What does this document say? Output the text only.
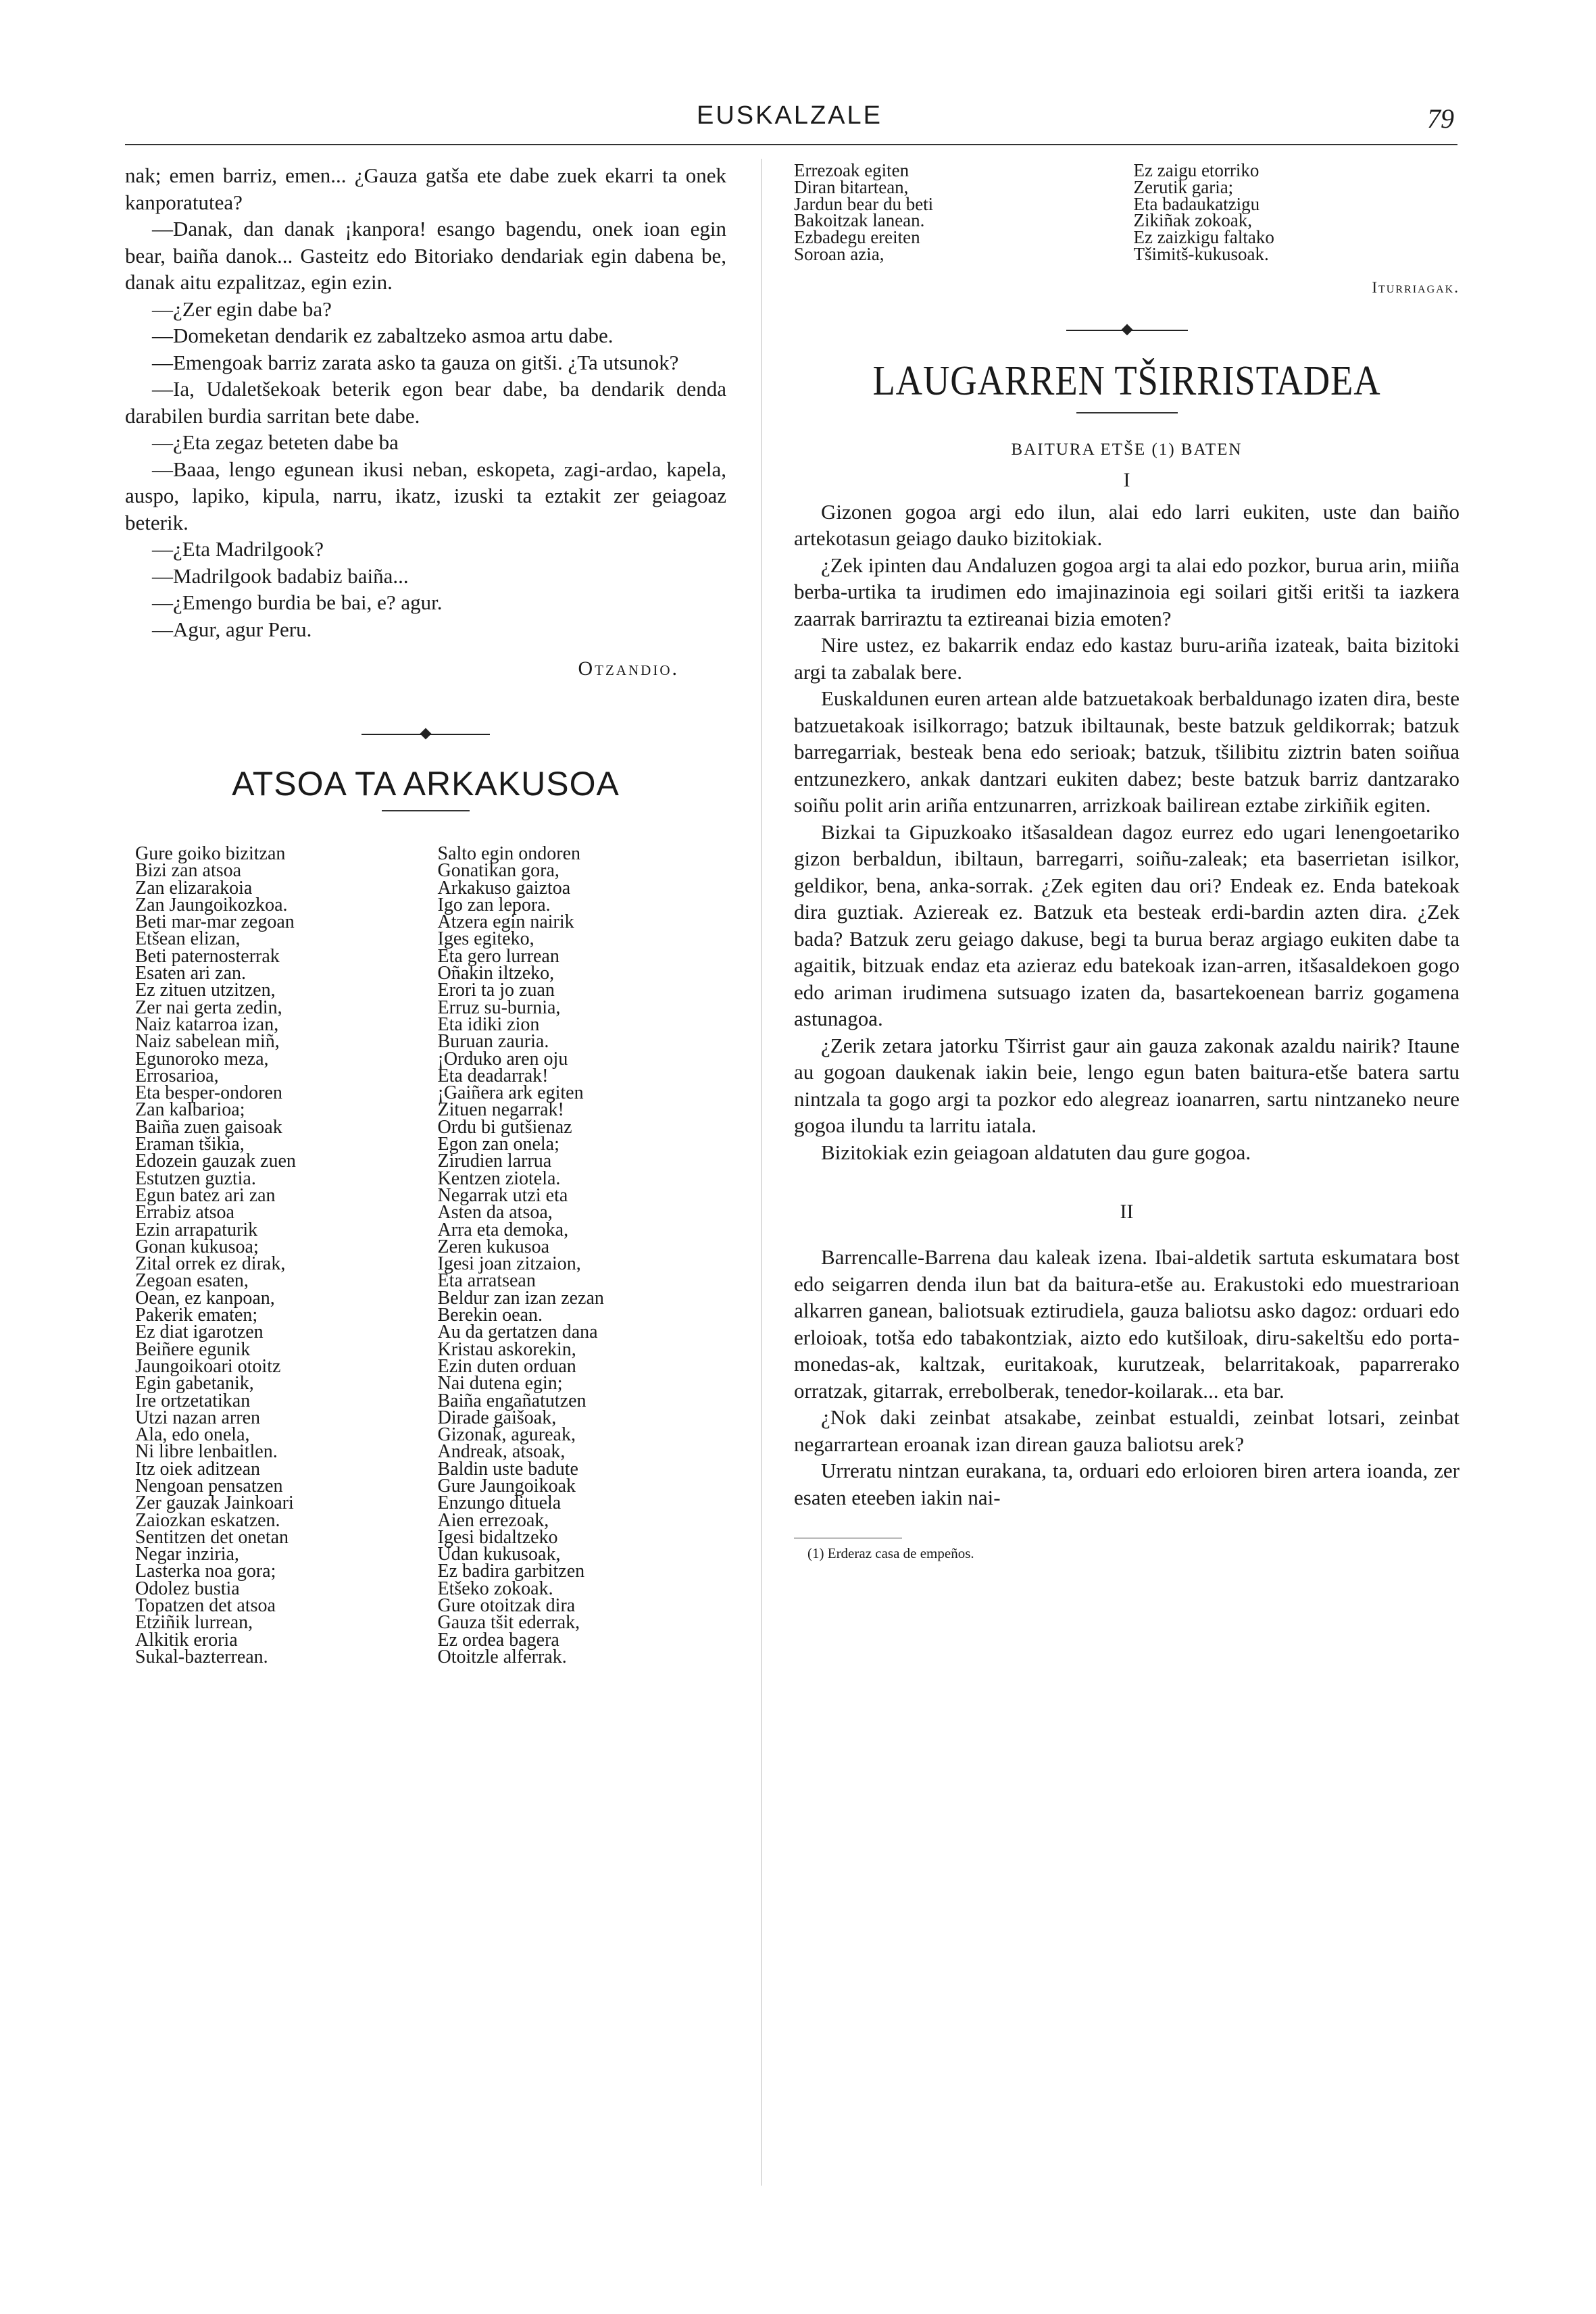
EUSKALZALE	79

nak; emen barriz, emen... ¿Gauza gatša ete dabe zuek ekarri ta onek kanporatutea?

—Danak, dan danak ¡kanpora! esango bagendu, onek ioan egin bear, baiña danok... Gasteitz edo Bitoriako dendariak egin dabena be, danak aitu ezpalitzaz, egin ezin.

—¿Zer egin dabe ba?

—Domeketan dendarik ez zabaltzeko asmoa artu dabe.

—Emengoak barriz zarata asko ta gauza on gitši. ¿Ta utsunok?

—Ia, Udaletšekoak beterik egon bear dabe, ba dendarik denda darabilen burdia sarritan bete dabe.

—¿Eta zegaz beteten dabe ba

—Baaa, lengo egunean ikusi neban, eskopeta, zagi-ardao, kapela, auspo, lapiko, kipula, narru, ikatz, izuski ta eztakit zer geiagoaz beterik.

—¿Eta Madrilgook?

—Madrilgook badabiz baiña...

—¿Emengo burdia be bai, e? agur.

—Agur, agur Peru.

Otzandio.
ATSOA TA ARKAKUSOA
Gure goiko bizitzan
Bizi zan atsoa
Zan elizarakoia
Zan Jaungoikozkoa.
Beti mar-mar zegoan
Etšean elizan,
Beti paternosterrak
Esaten ari zan.
Ez zituen utzitzen,
Zer nai gerta zedin,
Naiz katarroa izan,
Naiz sabelean miñ,
Egunoroko meza,
Errosarioa,
Eta besper-ondoren
Zan kalbarioa;
Baiña zuen gaisoak
Eraman tšikia,
Edozein gauzak zuen
Estutzen guztia.
Egun batez ari zan
Errabiz atsoa
Ezin arrapaturik
Gonan kukusoa;
Zital orrek ez dirak,
Zegoan esaten,
Oean, ez kanpoan,
Pakerik ematen;
Ez diat igarotzen
Beiñere egunik
Jaungoikoari otoitz
Egin gabetanik,
Ire ortzetatikan
Utzi nazan arren
Ala, edo onela,
Ni libre lenbaitlen.
Itz oiek aditzean
Nengoan pensatzen
Zer gauzak Jainkoari
Zaiozkan eskatzen.
Sentitzen det onetan
Negar inziria,
Lasterka noa gora;
Odolez bustia
Topatzen det atsoa
Etziñik lurrean,
Alkitik eroria
Sukal-bazterrean.
Salto egin ondoren
Gonatikan gora,
Arkakuso gaiztoa
Igo zan lepora.
Atzera egin nairik
Iges egiteko,
Eta gero lurrean
Oñakin iltzeko,
Erori ta jo zuan
Erruz su-burnia,
Eta idiki zion
Buruan zauria.
¡Orduko aren oju
Eta deadarrak!
¡Gaiñera ark egiten
Zituen negarrak!
Ordu bi gutšienaz
Egon zan onela;
Zirudien larrua
Kentzen ziotela.
Negarrak utzi eta
Asten da atsoa,
Arra eta demoka,
Zeren kukusoa
Igesi joan zitzaion,
Eta arratsean
Beldur zan izan zezan
Berekin oean.
Au da gertatzen dana
Kristau askorekin,
Ezin duten orduan
Nai dutena egin;
Baiña engañatutzen
Dirade gaišoak,
Gizonak, agureak,
Andreak, atsoak,
Baldin uste badute
Gure Jaungoikoak
Enzungo dituela
Aien errezoak,
Igesi bidaltzeko
Udan kukusoak,
Ez badira garbitzen
Etšeko zokoak.
Gure otoitzak dira
Gauza tšit ederrak,
Ez ordea bagera
Otoitzle alferrak.
Errezoak egiten
Diran bitartean,
Jardun bear du beti
Bakoitzak lanean.
Ezbadegu ereiten
Soroan azia,
Ez zaigu etorriko
Zerutik garia;
Eta badaukatzigu
Zikiñak zokoak,
Ez zaizkigu faltako
Tšimitš-kukusoak.
Iturriagak.
LAUGARREN TŠIRRISTADEA
BAITURA ETŠE (1) BATEN
I

Gizonen gogoa argi edo ilun, alai edo larri eukiten, uste dan baiño artekotasun geiago dauko bizitokiak.

¿Zek ipinten dau Andaluzen gogoa argi ta alai edo pozkor, burua arin, miiña berba-urtika ta irudimen edo imajinazinoia egi soilari gitši eritši ta iazkera zaarrak barriraztu ta eztireanai bizia emoten?

Nire ustez, ez bakarrik endaz edo kastaz buru-ariña izateak, baita bizitoki argi ta zabalak bere.

Euskaldunen euren artean alde batzuetakoak berbaldunago izaten dira, beste batzuetakoak isilkorrago; batzuk ibiltaunak, beste batzuk geldikorrak; batzuk barregarriak, besteak bena edo serioak; batzuk, tšilibitu ziztrin baten soiñua entzunezkero, ankak dantzari eukiten dabez; beste batzuk barriz dantzarako soiñu polit arin ariña entzunarren, arrizkoak bailirean eztabe zirkiñik egiten.

Bizkai ta Gipuzkoako itšasaldean dagoz eurrez edo ugari lenengoetariko gizon berbaldun, ibiltaun, barregarri, soiñu-zaleak; eta baserrietan isilkor, geldikor, bena, anka-sorrak. ¿Zek egiten dau ori? Endeak ez. Enda batekoak dira guztiak. Aziereak ez. Batzuk eta besteak erdi-bardin azten dira. ¿Zek bada? Batzuk zeru geiago dakuse, begi ta burua beraz argiago eukiten dabe ta agaitik, bitzuak endaz eta azieraz edu batekoak izan-arren, itšasaldekoen gogo edo ariman irudimena sutsuago izaten da, basartekoenean barriz gogamena astunagoa.

¿Zerik zetara jatorku Tširrist gaur ain gauza zakonak azaldu nairik? Itaune au gogoan daukenak iakin beie, lengo egun baten baitura-etše batera sartu nintzala ta gogo argi ta pozkor edo alegreaz ioanarren, sartu nintzaneko neure gogoa ilundu ta larritu iatala.

Bizitokiak ezin geiagoan aldatuten dau gure gogoa.

II

Barrencalle-Barrena dau kaleak izena. Ibai-aldetik sartuta eskumatara bost edo seigarren denda ilun bat da baitura-etše au. Erakustoki edo muestrarioan alkarren ganean, baliotsuak eztirudiela, gauza baliotsu asko dagoz: orduari edo erloioak, totša edo tabakontziak, aizto edo kutšiloak, diru-sakeltšu edo porta-monedas-ak, kaltzak, euritakoak, kurutzeak, belarritakoak, paparrerako orratzak, gitarrak, errebolberak, tenedor-koilarak... eta bar.

¿Nok daki zeinbat atsakabe, zeinbat estualdi, zeinbat lotsari, zeinbat negarrartean eroanak izan direan gauza baliotsu arek?

Urreratu nintzan eurakana, ta, orduari edo erloioren biren artera ioanda, zer esaten eteeben iakin nai-

(1) Erderaz casa de empeños.
